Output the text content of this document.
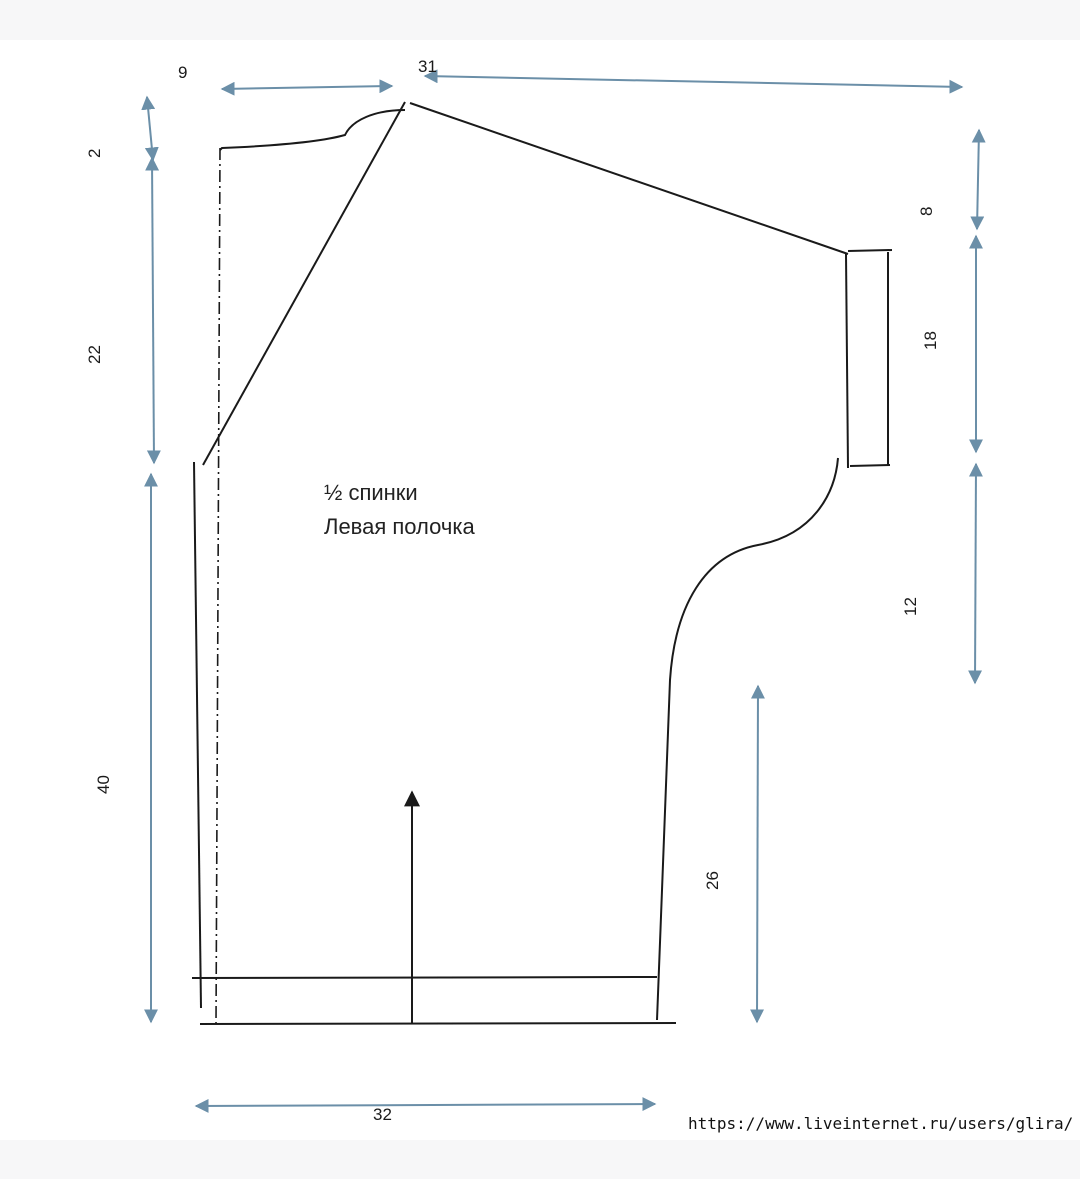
9	31
2
22
40
32
8
18
12
26
½ спинки
Левая полочка
https://www.liveinternet.ru/users/glira/
